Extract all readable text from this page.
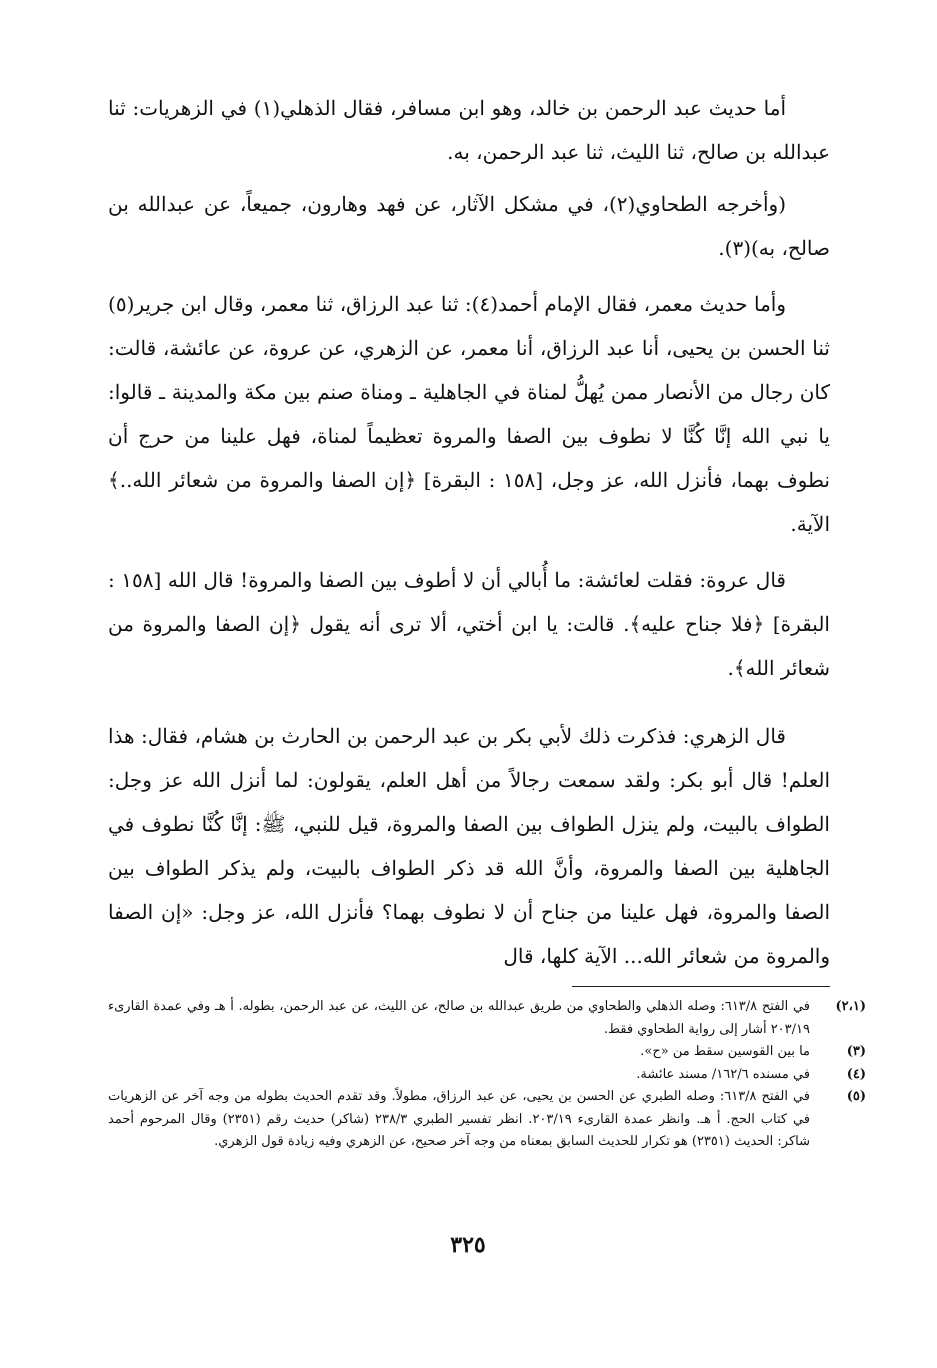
أما حديث عبد الرحمن بن خالد، وهو ابن مسافر، فقال الذهلي(١) في الزهريات: ثنا عبدالله بن صالح، ثنا الليث، ثنا عبد الرحمن، به.

(وأخرجه الطحاوي(٢)، في مشكل الآثار، عن فهد وهارون، جميعاً، عن عبدالله بن صالح، به)(٣).

وأما حديث معمر، فقال الإمام أحمد(٤): ثنا عبد الرزاق، ثنا معمر، وقال ابن جرير(٥) ثنا الحسن بن يحيى، أنا عبد الرزاق، أنا معمر، عن الزهري، عن عروة، عن عائشة، قالت: كان رجال من الأنصار ممن يُهلُّ لمناة في الجاهلية ـ ومناة صنم بين مكة والمدينة ـ قالوا: يا نبي الله إنَّا كُنَّا لا نطوف بين الصفا والمروة تعظيماً لمناة، فهل علينا من حرج أن نطوف بهما، فأنزل الله، عز وجل، [١٥٨ : البقرة] ﴿إن الصفا والمروة من شعائر الله..﴾الآية.

قال عروة: فقلت لعائشة: ما أُبالي أن لا أطوف بين الصفا والمروة! قال الله [١٥٨ : البقرة] ﴿فلا جناح عليه﴾. قالت: يا ابن أختي، ألا ترى أنه يقول ﴿إن الصفا والمروة من شعائر الله﴾.

قال الزهري: فذكرت ذلك لأبي بكر بن عبد الرحمن بن الحارث بن هشام، فقال: هذا العلم! قال أبو بكر: ولقد سمعت رجالاً من أهل العلم، يقولون: لما أنزل الله عز وجل: الطواف بالبيت، ولم ينزل الطواف بين الصفا والمروة، قيل للنبي، ﷺ: إنَّا كُنَّا نطوف في الجاهلية بين الصفا والمروة، وأنَّ الله قد ذكر الطواف بالبيت، ولم يذكر الطواف بين الصفا والمروة، فهل علينا من جناح أن لا نطوف بهما؟ فأنزل الله، عز وجل: «إن الصفا والمروة من شعائر الله... الآية كلها، قال

(٢،١)
في الفتح ٦١٣/٨: وصله الذهلي والطحاوي من طريق عبدالله بن صالح، عن الليث، عن عبد الرحمن، بطوله. أ هـ وفي عمدة القارىء ٢٠٣/١٩ أشار إلى رواية الطحاوي فقط.
(٣)
ما بين القوسين سقط من «ح».
(٤)
في مسنده ١٦٢/٦/ مسند عائشة.
(٥)
في الفتح ٦١٣/٨: وصله الطبري عن الحسن بن يحيى، عن عبد الرزاق، مطولاً. وقد تقدم الحديث بطوله من وجه آخر عن الزهريات في كتاب الحج. أ هـ. وانظر عمدة القارىء ٢٠٣/١٩. انظر تفسير الطبري ٢٣٨/٣ (شاكر) حديث رقم (٢٣٥١) وقال المرحوم أحمد شاكر: الحديث (٢٣٥١) هو تكرار للحديث السابق بمعناه من وجه آخر صحيح، عن الزهري وفيه زيادة قول الزهري.
٣٢٥
